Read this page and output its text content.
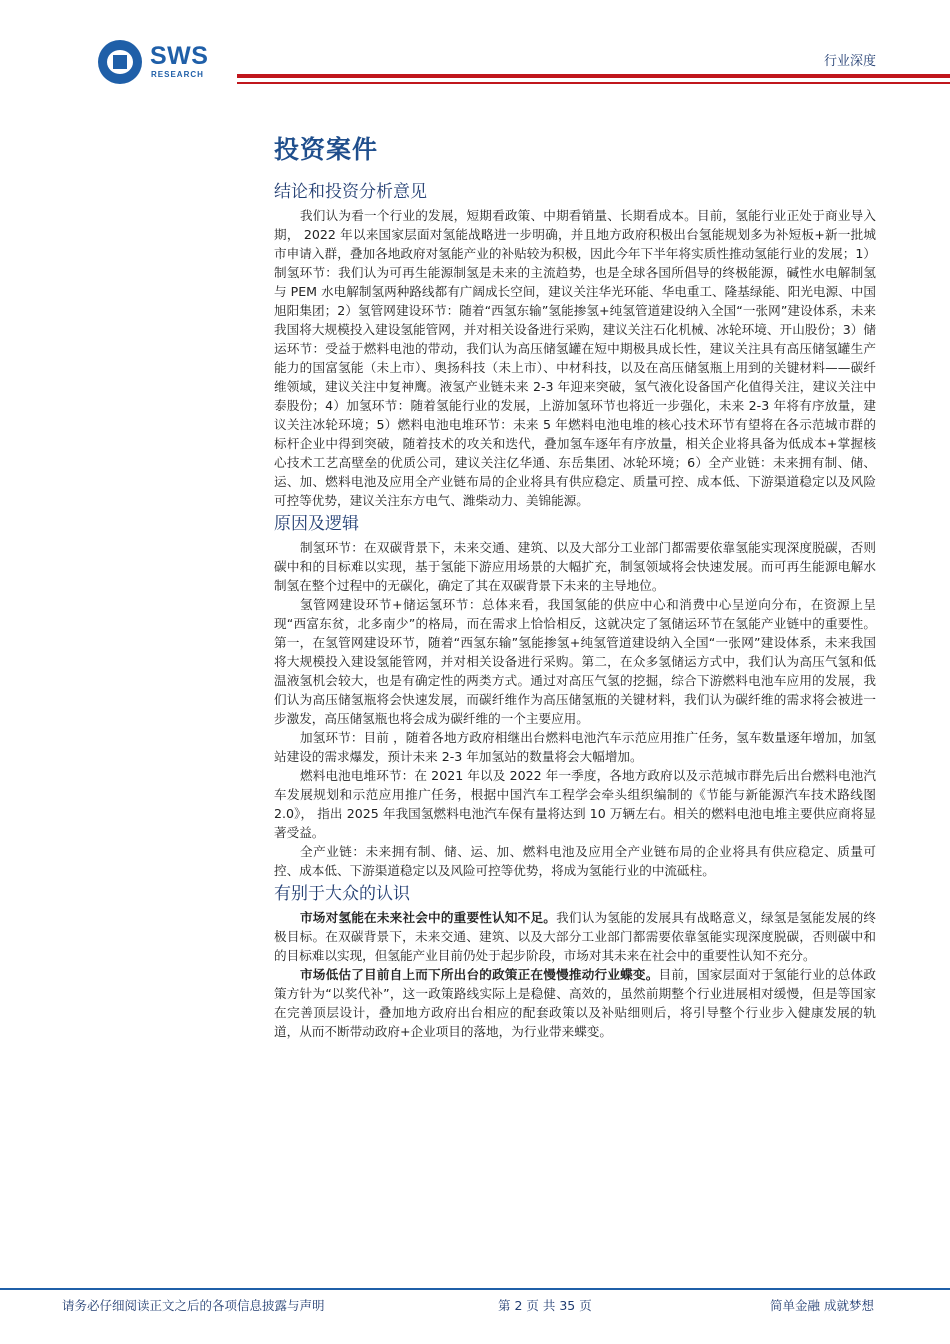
SWS
RESEARCH
行业深度
投资案件
结论和投资分析意见

我们认为看一个行业的发展，短期看政策、中期看销量、长期看成本。目前，氢能行业正处于商业导入期， 2022 年以来国家层面对氢能战略进一步明确，并且地方政府积极出台氢能规划多为补短板+新一批城市申请入群，叠加各地政府对氢能产业的补贴较为积极，因此今年下半年将实质性推动氢能行业的发展；1）制氢环节：我们认为可再生能源制氢是未来的主流趋势，也是全球各国所倡导的终极能源，碱性水电解制氢与 PEM 水电解制氢两种路线都有广阔成长空间，建议关注华光环能、华电重工、隆基绿能、阳光电源、中国旭阳集团；2）氢管网建设环节：随着“西氢东输”氢能掺氢+纯氢管道建设纳入全国“一张网”建设体系，未来我国将大规模投入建设氢能管网，并对相关设备进行采购，建议关注石化机械、冰轮环境、开山股份；3）储运环节：受益于燃料电池的带动，我们认为高压储氢罐在短中期极具成长性，建议关注具有高压储氢罐生产能力的国富氢能（未上市）、奥扬科技（未上市）、中材科技，以及在高压储氢瓶上用到的关键材料——碳纤维领域，建议关注中复神鹰。液氢产业链未来 2-3 年迎来突破，氢气液化设备国产化值得关注，建议关注中泰股份；4）加氢环节：随着氢能行业的发展，上游加氢环节也将近一步强化，未来 2-3 年将有序放量，建议关注冰轮环境；5）燃料电池电堆环节：未来 5 年燃料电池电堆的核心技术环节有望将在各示范城市群的标杆企业中得到突破，随着技术的攻关和迭代，叠加氢车逐年有序放量，相关企业将具备为低成本+掌握核心技术工艺高壁垒的优质公司，建议关注亿华通、东岳集团、冰轮环境；6）全产业链：未来拥有制、储、运、加、燃料电池及应用全产业链布局的企业将具有供应稳定、质量可控、成本低、下游渠道稳定以及风险可控等优势，建议关注东方电气、潍柴动力、美锦能源。

原因及逻辑

制氢环节：在双碳背景下，未来交通、建筑、以及大部分工业部门都需要依靠氢能实现深度脱碳，否则碳中和的目标难以实现，基于氢能下游应用场景的大幅扩充，制氢领域将会快速发展。而可再生能源电解水制氢在整个过程中的无碳化，确定了其在双碳背景下未来的主导地位。

氢管网建设环节+储运氢环节：总体来看，我国氢能的供应中心和消费中心呈逆向分布，在资源上呈现“西富东贫，北多南少”的格局，而在需求上恰恰相反，这就决定了氢储运环节在氢能产业链中的重要性。第一，在氢管网建设环节，随着“西氢东输”氢能掺氢+纯氢管道建设纳入全国“一张网”建设体系，未来我国将大规模投入建设氢能管网，并对相关设备进行采购。第二，在众多氢储运方式中，我们认为高压气氢和低温液氢机会较大，也是有确定性的两类方式。通过对高压气氢的挖掘，综合下游燃料电池车应用的发展，我们认为高压储氢瓶将会快速发展，而碳纤维作为高压储氢瓶的关键材料，我们认为碳纤维的需求将会被进一步激发，高压储氢瓶也将会成为碳纤维的一个主要应用。

加氢环节：目前 ，随着各地方政府相继出台燃料电池汽车示范应用推广任务，氢车数量逐年增加，加氢站建设的需求爆发，预计未来 2-3 年加氢站的数量将会大幅增加。

燃料电池电堆环节：在 2021 年以及 2022 年一季度，各地方政府以及示范城市群先后出台燃料电池汽车发展规划和示范应用推广任务，根据中国汽车工程学会牵头组织编制的《节能与新能源汽车技术路线图 2.0》， 指出 2025 年我国氢燃料电池汽车保有量将达到 10 万辆左右。相关的燃料电池电堆主要供应商将显著受益。

全产业链：未来拥有制、储、运、加、燃料电池及应用全产业链布局的企业将具有供应稳定、质量可控、成本低、下游渠道稳定以及风险可控等优势，将成为氢能行业的中流砥柱。

有别于大众的认识

市场对氢能在未来社会中的重要性认知不足。我们认为氢能的发展具有战略意义，绿氢是氢能发展的终极目标。在双碳背景下，未来交通、建筑、以及大部分工业部门都需要依靠氢能实现深度脱碳，否则碳中和的目标难以实现，但氢能产业目前仍处于起步阶段，市场对其未来在社会中的重要性认知不充分。

市场低估了目前自上而下所出台的政策正在慢慢推动行业蝶变。目前，国家层面对于氢能行业的总体政策方针为“以奖代补”，这一政策路线实际上是稳健、高效的，虽然前期整个行业进展相对缓慢，但是等国家在完善顶层设计，叠加地方政府出台相应的配套政策以及补贴细则后，将引导整个行业步入健康发展的轨道，从而不断带动政府+企业项目的落地，为行业带来蝶变。

请务必仔细阅读正文之后的各项信息披露与声明	第 2 页 共 35 页	简单金融 成就梦想
